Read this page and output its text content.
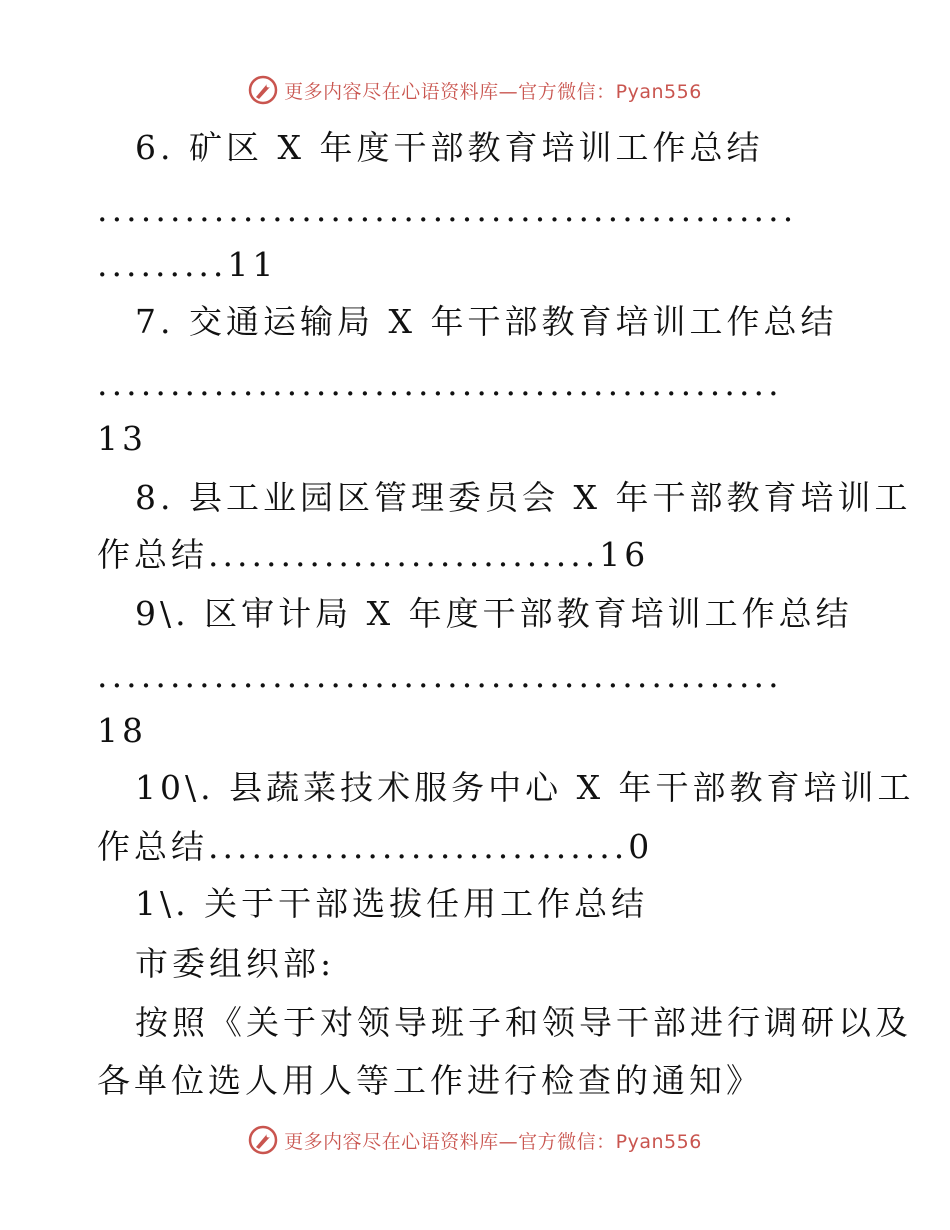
更多内容尽在心语资料库—官方微信：Pyan556
6. 矿区 X 年度干部教育培训工作总结
................................................
.........11
7. 交通运输局 X 年干部教育培训工作总结
...............................................
13
8. 县工业园区管理委员会 X 年干部教育培训工
作总结...........................16
9\. 区审计局 X 年度干部教育培训工作总结
...............................................
18
10\. 县蔬菜技术服务中心 X 年干部教育培训工
作总结.............................0
1\. 关于干部选拔任用工作总结
市委组织部:
按照《关于对领导班子和领导干部进行调研以及
各单位选人用人等工作进行检查的通知》
更多内容尽在心语资料库—官方微信：Pyan556
